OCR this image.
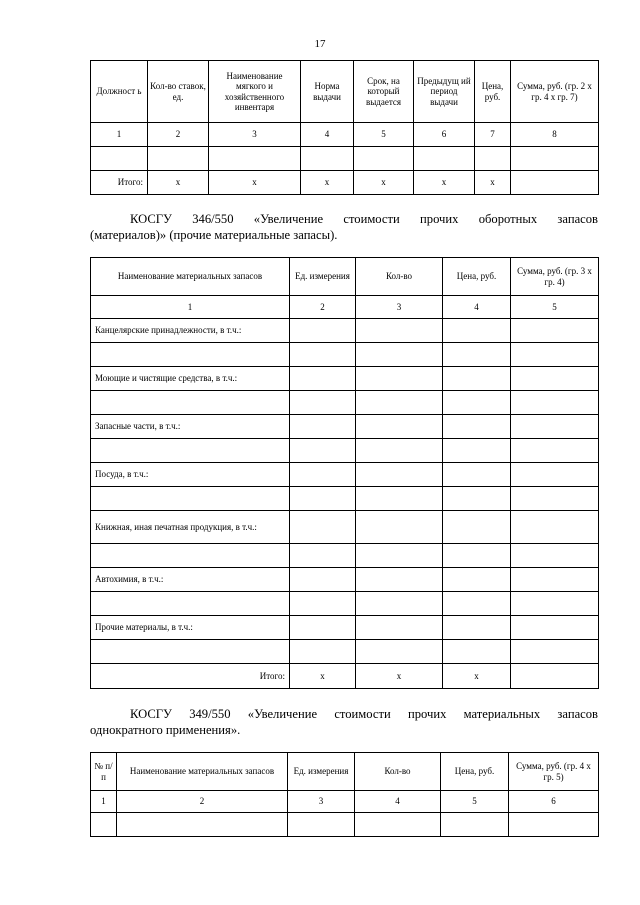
17
Должност ь	Кол-во ставок, ед.	Наименование мягкого и хозяйственного инвентаря	Норма выдачи	Срок, на который выдается	Предыдущ ий период выдачи	Цена, руб.	Сумма, руб. (гр. 2 х гр. 4 х гр. 7)
1	2	3	4	5	6	7	8

Итого:	х	х	х	х	х	х	
КОСГУ 346/550 «Увеличение стоимости прочих оборотных запасов
(материалов)» (прочие материальные запасы).
Наименование материальных запасов	Ед. измерения	Кол-во	Цена, руб.	Сумма, руб. (гр. 3 х гр. 4)
1	2	3	4	5
Канцелярские принадлежности, в т.ч.:				

Моющие и чистящие средства, в т.ч.:				

Запасные части, в т.ч.:				

Посуда, в т.ч.:				

Книжная, иная печатная продукция, в т.ч.:				

Автохимия, в т.ч.:				

Прочие материалы, в т.ч.:				

Итого:	х	х	х	
КОСГУ 349/550 «Увеличение стоимости прочих материальных запасов
однократного применения».
№ п/п	Наименование материальных запасов	Ед. измерения	Кол-во	Цена, руб.	Сумма, руб. (гр. 4 х гр. 5)
1	2	3	4	5	6
